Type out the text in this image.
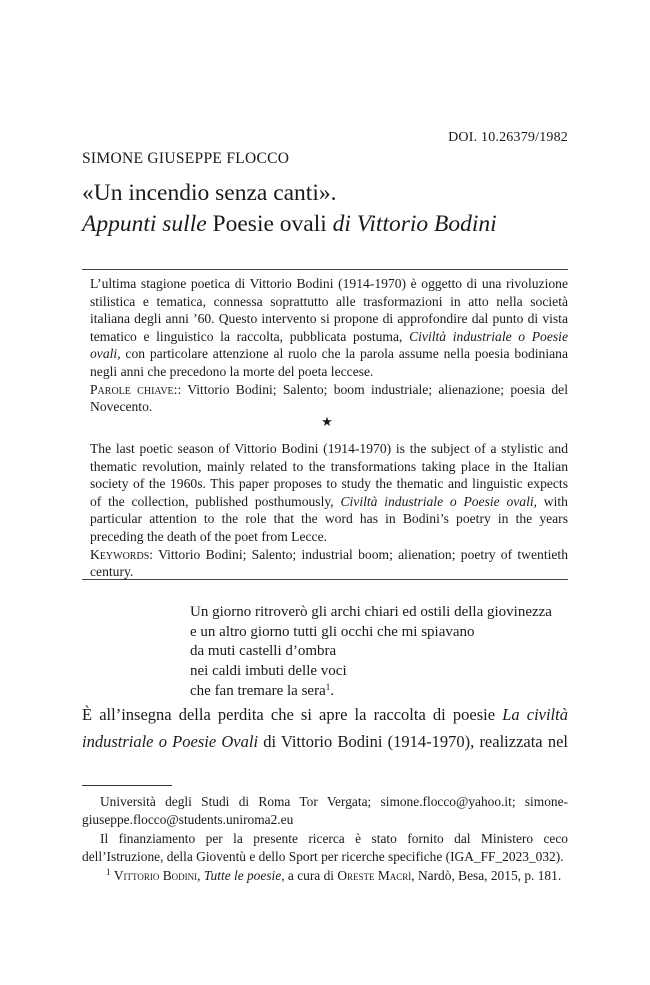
DOI. 10.26379/1982
SIMONE GIUSEPPE FLOCCO
«Un incendio senza canti».
Appunti sulle Poesie ovali di Vittorio Bodini
L’ultima stagione poetica di Vittorio Bodini (1914-1970) è oggetto di una rivoluzione stilistica e tematica, connessa soprattutto alle trasformazioni in atto nella società italiana degli anni ’60. Questo intervento si propone di approfondire dal punto di vista tematico e linguistico la raccolta, pubblicata postuma, Civiltà industriale o Poesie ovali, con particolare attenzione al ruolo che la parola assume nella poesia bodiniana negli anni che precedono la morte del poeta leccese.
Parole chiave:: Vittorio Bodini; Salento; boom industriale; alienazione; poesia del Novecento.
★
The last poetic season of Vittorio Bodini (1914-1970) is the subject of a stylistic and thematic revolution, mainly related to the transformations taking place in the Italian society of the 1960s. This paper proposes to study the thematic and linguistic expects of the collection, published posthumously, Civiltà industriale o Poesie ovali, with particular attention to the role that the word has in Bodini’s poetry in the years preceding the death of the poet from Lecce.
Keywords: Vittorio Bodini; Salento; industrial boom; alienation; poetry of twentieth century.
Un giorno ritroverò gli archi chiari ed ostili della giovinezza
e un altro giorno tutti gli occhi che mi spiavano
da muti castelli d’ombra
nei caldi imbuti delle voci
che fan tremare la sera$^1$.
È all’insegna della perdita che si apre la raccolta di poesie La civiltà
industriale o Poesie Ovali di Vittorio Bodini (1914-1970), realizzata nel
Università degli Studi di Roma Tor Vergata; simone.flocco@yahoo.it; simone-giuseppe.flocco@students.uniroma2.eu
Il finanziamento per la presente ricerca è stato fornito dal Ministero ceco dell’Istruzione, della Gioventù e dello Sport per ricerche specifiche (IGA_FF_2023_032).
$^1$ Vittorio Bodini, Tutte le poesie, a cura di Oreste Macrì, Nardò, Besa, 2015, p. 181.
